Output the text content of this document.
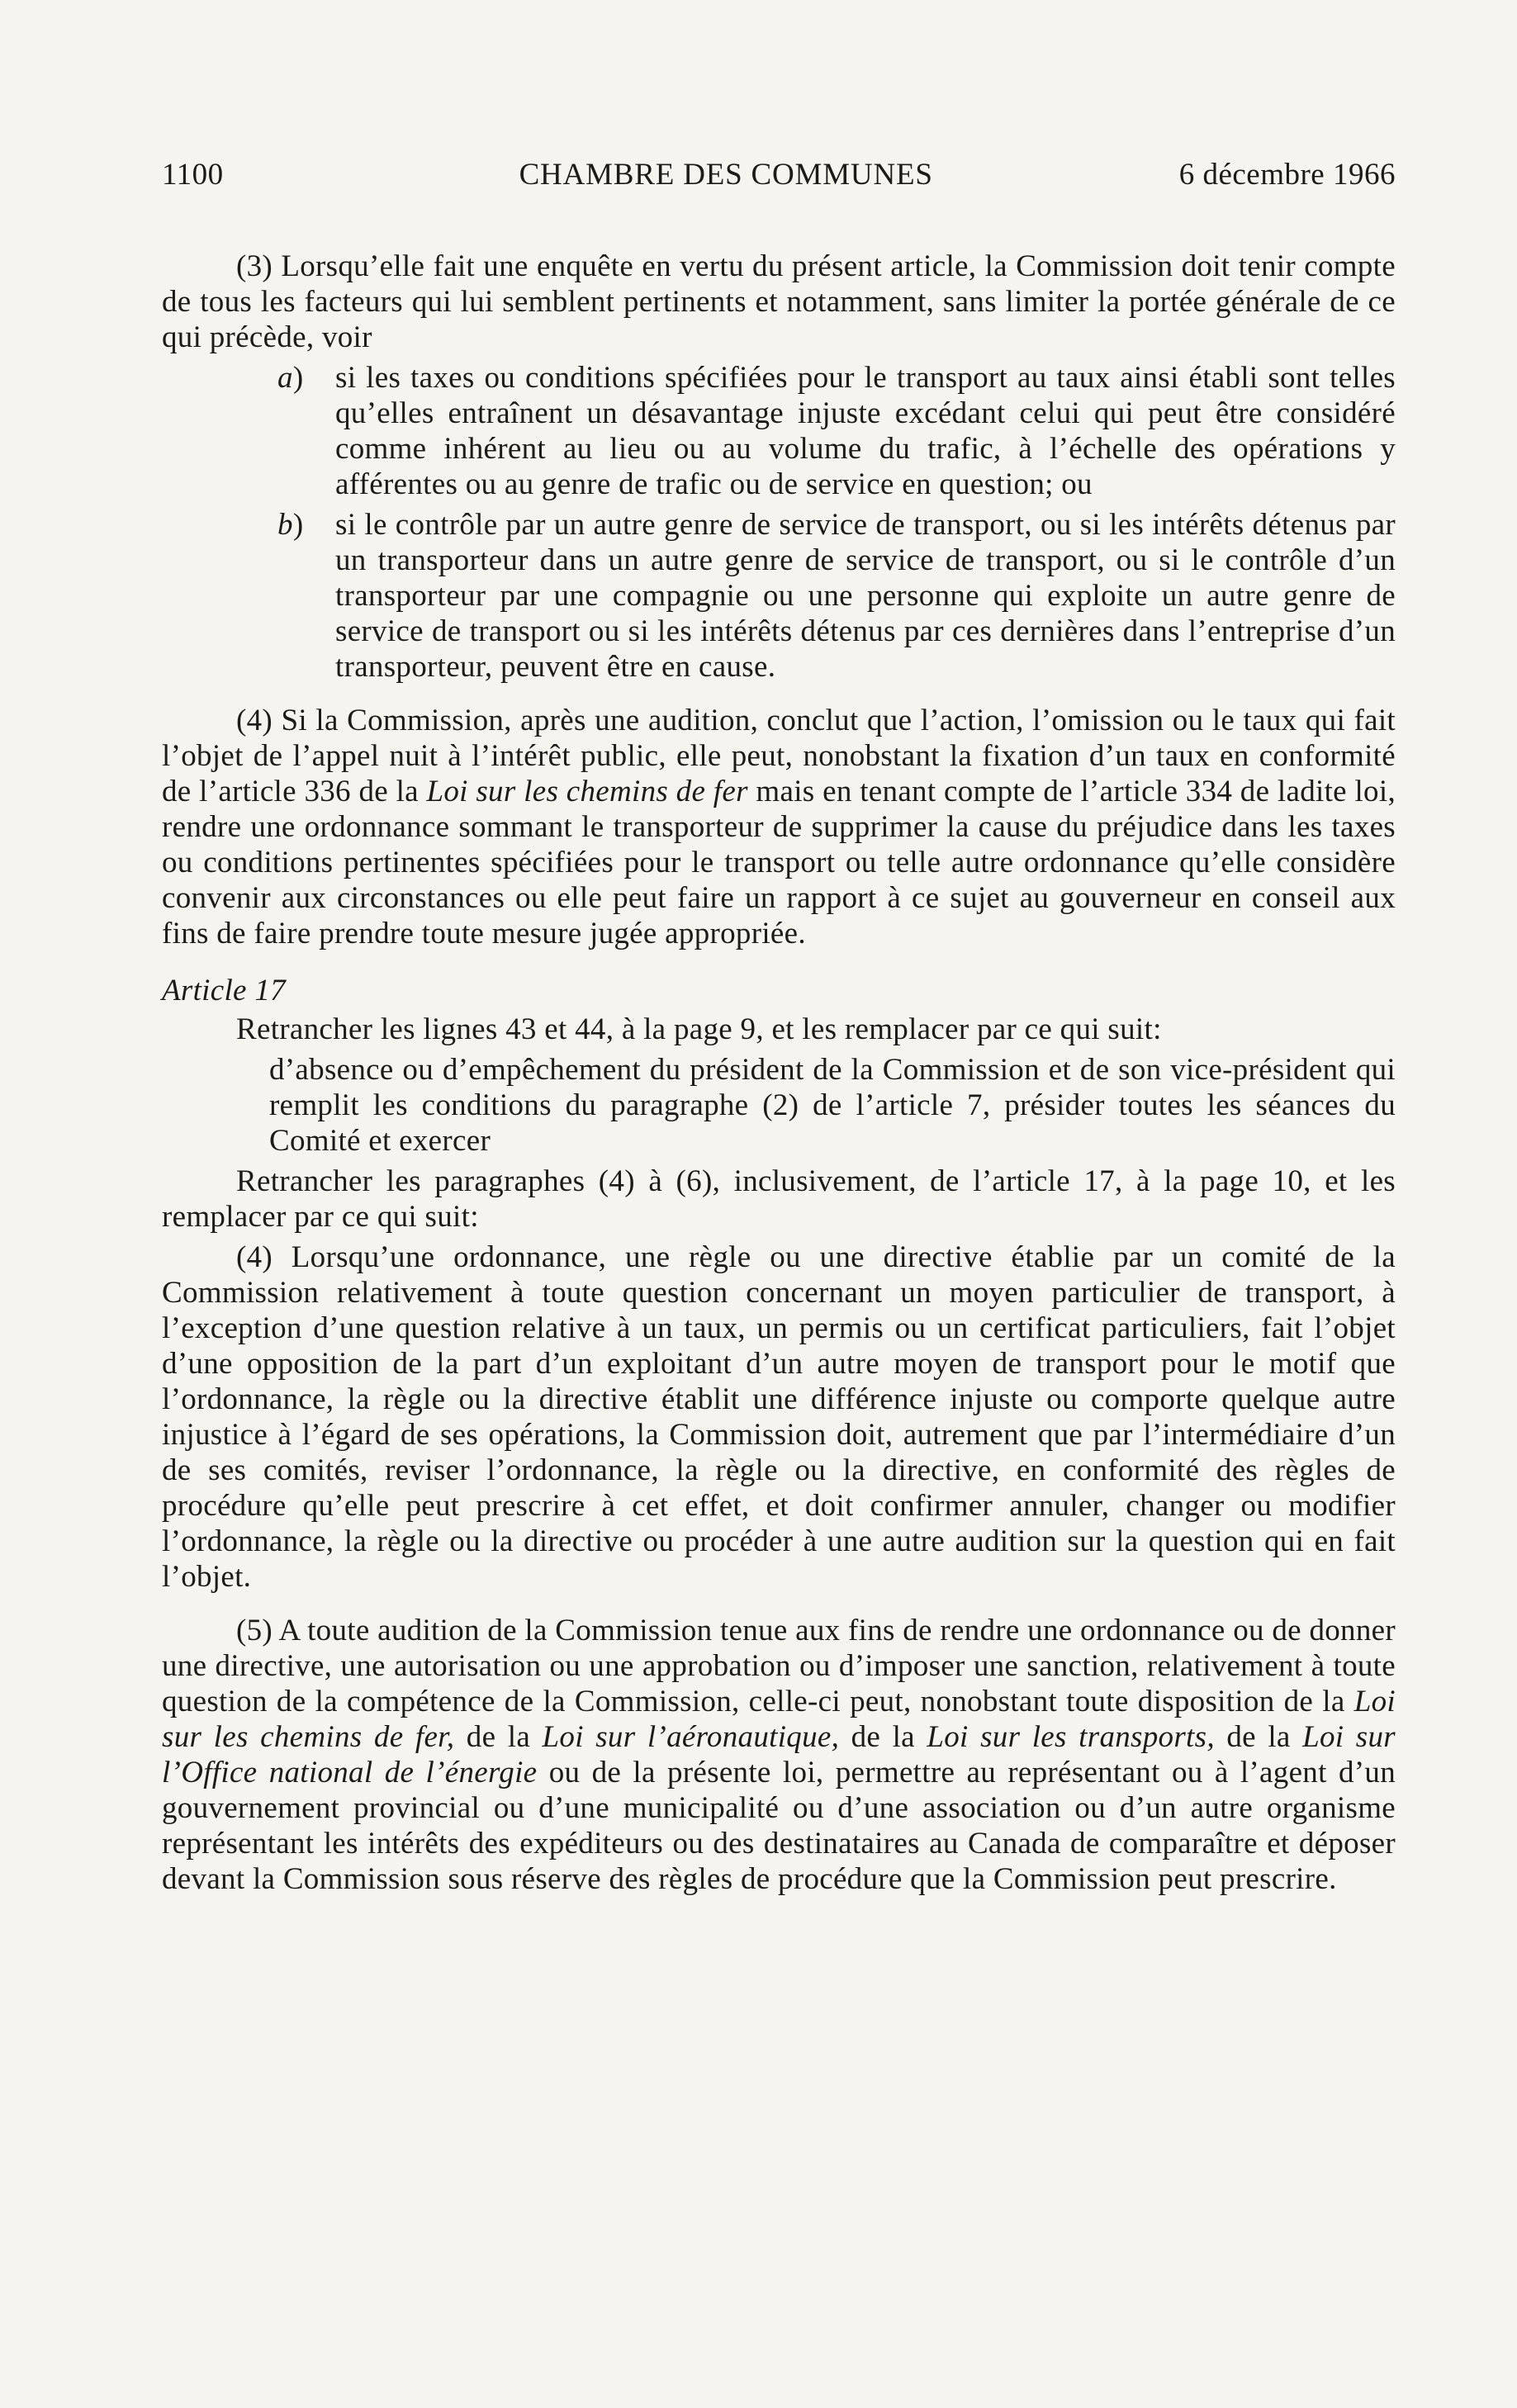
1100	CHAMBRE DES COMMUNES	6 décembre 1966

(3) Lorsqu’elle fait une enquête en vertu du présent article, la Commission doit tenir compte de tous les facteurs qui lui semblent pertinents et notamment, sans limiter la portée générale de ce qui précède, voir

a) si les taxes ou conditions spécifiées pour le transport au taux ainsi établi sont telles qu’elles entraînent un désavantage injuste excédant celui qui peut être considéré comme inhérent au lieu ou au volume du trafic, à l’échelle des opérations y afférentes ou au genre de trafic ou de service en question; ou

b) si le contrôle par un autre genre de service de transport, ou si les intérêts détenus par un transporteur dans un autre genre de service de transport, ou si le contrôle d’un transporteur par une compagnie ou une personne qui exploite un autre genre de service de transport ou si les intérêts détenus par ces dernières dans l’entreprise d’un transporteur, peuvent être en cause.

(4) Si la Commission, après une audition, conclut que l’action, l’omission ou le taux qui fait l’objet de l’appel nuit à l’intérêt public, elle peut, nonobstant la fixation d’un taux en conformité de l’article 336 de la Loi sur les chemins de fer mais en tenant compte de l’article 334 de ladite loi, rendre une ordonnance sommant le transporteur de supprimer la cause du préjudice dans les taxes ou conditions pertinentes spécifiées pour le transport ou telle autre ordonnance qu’elle considère convenir aux circonstances ou elle peut faire un rapport à ce sujet au gouverneur en conseil aux fins de faire prendre toute mesure jugée appropriée.

Article 17

Retrancher les lignes 43 et 44, à la page 9, et les remplacer par ce qui suit:

d’absence ou d’empêchement du président de la Commission et de son vice-président qui remplit les conditions du paragraphe (2) de l’article 7, présider toutes les séances du Comité et exercer

Retrancher les paragraphes (4) à (6), inclusivement, de l’article 17, à la page 10, et les remplacer par ce qui suit:

(4) Lorsqu’une ordonnance, une règle ou une directive établie par un comité de la Commission relativement à toute question concernant un moyen particulier de transport, à l’exception d’une question relative à un taux, un permis ou un certificat particuliers, fait l’objet d’une opposition de la part d’un exploitant d’un autre moyen de transport pour le motif que l’ordonnance, la règle ou la directive établit une différence injuste ou comporte quelque autre injustice à l’égard de ses opérations, la Commission doit, autrement que par l’intermédiaire d’un de ses comités, reviser l’ordonnance, la règle ou la directive, en conformité des règles de procédure qu’elle peut prescrire à cet effet, et doit confirmer annuler, changer ou modifier l’ordonnance, la règle ou la directive ou procéder à une autre audition sur la question qui en fait l’objet.

(5) A toute audition de la Commission tenue aux fins de rendre une ordonnance ou de donner une directive, une autorisation ou une approbation ou d’imposer une sanction, relativement à toute question de la compétence de la Commission, celle-ci peut, nonobstant toute disposition de la Loi sur les chemins de fer, de la Loi sur l’aéronautique, de la Loi sur les transports, de la Loi sur l’Office national de l’énergie ou de la présente loi, permettre au représentant ou à l’agent d’un gouvernement provincial ou d’une municipalité ou d’une association ou d’un autre organisme représentant les intérêts des expéditeurs ou des destinataires au Canada de comparaître et déposer devant la Commission sous réserve des règles de procédure que la Commission peut prescrire.
